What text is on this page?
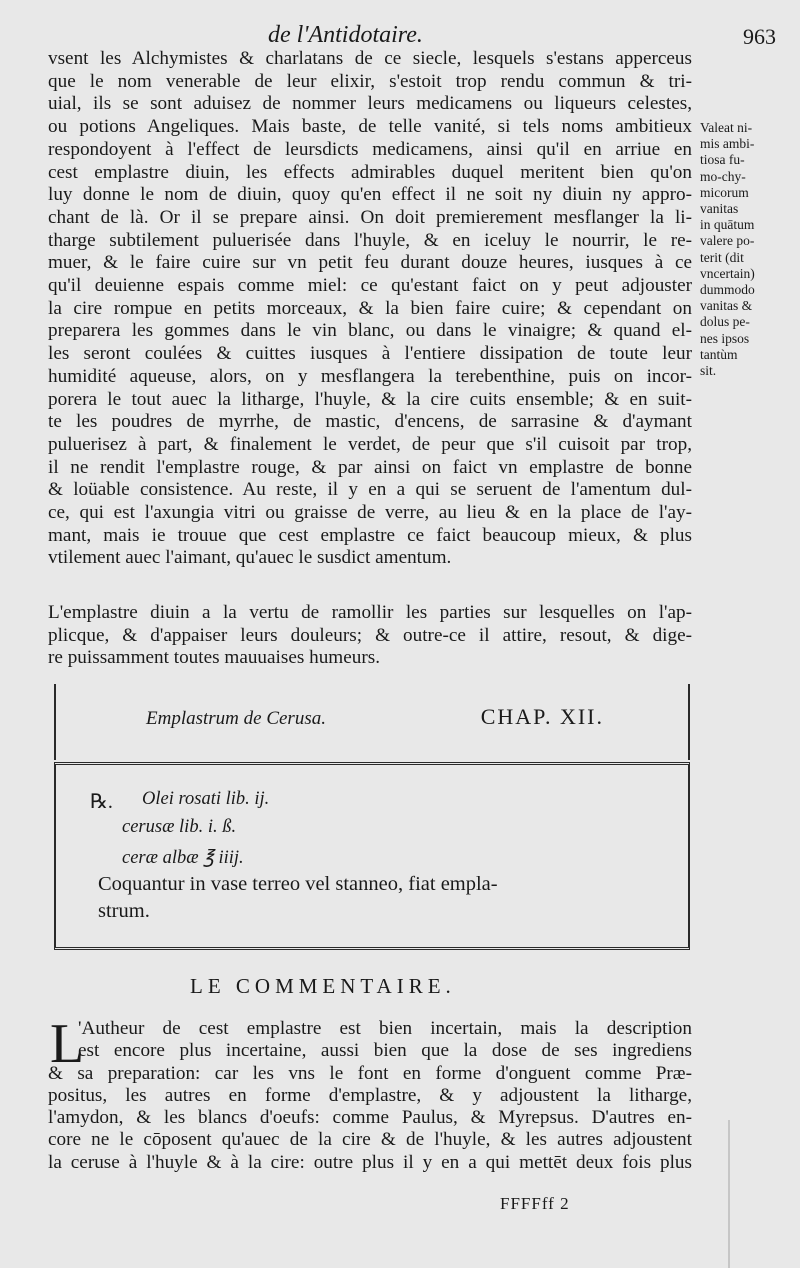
de l'Antidotaire.	963
vsent les Alchymistes & charlatans de ce siecle, lesquels s'estans apperceus
que le nom venerable de leur elixir, s'estoit trop rendu commun & tri-
uial, ils se sont aduisez de nommer leurs medicamens ou liqueurs celestes,
ou potions Angeliques. Mais baste, de telle vanité, si tels noms ambitieux
respondoyent à l'effect de leursdicts medicamens, ainsi qu'il en arriue en
cest emplastre diuin, les effects admirables duquel meritent bien qu'on
luy donne le nom de diuin, quoy qu'en effect il ne soit ny diuin ny appro-
chant de là. Or il se prepare ainsi. On doit premierement mesflanger la li-
tharge subtilement puluerisée dans l'huyle, & en iceluy le nourrir, le re-
muer, & le faire cuire sur vn petit feu durant douze heures, iusques à ce
qu'il deuienne espais comme miel: ce qu'estant faict on y peut adjouster
la cire rompue en petits morceaux, & la bien faire cuire; & cependant on
preparera les gommes dans le vin blanc, ou dans le vinaigre; & quand el-
les seront coulées & cuittes iusques à l'entiere dissipation de toute leur
humidité aqueuse, alors, on y mesflangera la terebenthine, puis on incor-
porera le tout auec la litharge, l'huyle, & la cire cuits ensemble; & en suit-
te les poudres de myrrhe, de mastic, d'encens, de sarrasine & d'aymant
puluerisez à part, & finalement le verdet, de peur que s'il cuisoit par trop,
il ne rendit l'emplastre rouge, & par ainsi on faict vn emplastre de bonne
& loüable consistence. Au reste, il y en a qui se seruent de l'amentum dul-
ce, qui est l'axungia vitri ou graisse de verre, au lieu & en la place de l'ay-
mant, mais ie trouue que cest emplastre ce faict beaucoup mieux, & plus
vtilement auec l'aimant, qu'auec le susdict amentum.
L'emplastre diuin a la vertu de ramollir les parties sur lesquelles on l'ap-
plicque, & d'appaiser leurs douleurs; & outre-ce il attire, resout, & dige-
re puissamment toutes mauuaises humeurs.
Valeat ni-
mis ambi-
tiosa fu-
mo-chy-
micorum
vanitas
in quātum
valere po-
terit (dit
vncertain)
dummodo
vanitas &
dolus pe-
nes ipsos
tantùm
sit.
Emplastrum de Cerusa.	CHAP. XII.
℞. Olei rosati lib. ij.
cerusæ lib. i. ß.
ceræ albæ ℥ iiij.
Coquantur in vase terreo vel stanneo, fiat empla-
strum.
LE COMMENTAIRE.
L
'Autheur de cest emplastre est bien incertain, mais la description
est encore plus incertaine, aussi bien que la dose de ses ingrediens
& sa preparation: car les vns le font en forme d'onguent comme Præ-
positus, les autres en forme d'emplastre, & y adjoustent la litharge,
l'amydon, & les blancs d'oeufs: comme Paulus, & Myrepsus. D'autres en-
core ne le cōposent qu'auec de la cire & de l'huyle, & les autres adjoustent
la ceruse à l'huyle & à la cire: outre plus il y en a qui mettēt deux fois plus
FFFFff 2
